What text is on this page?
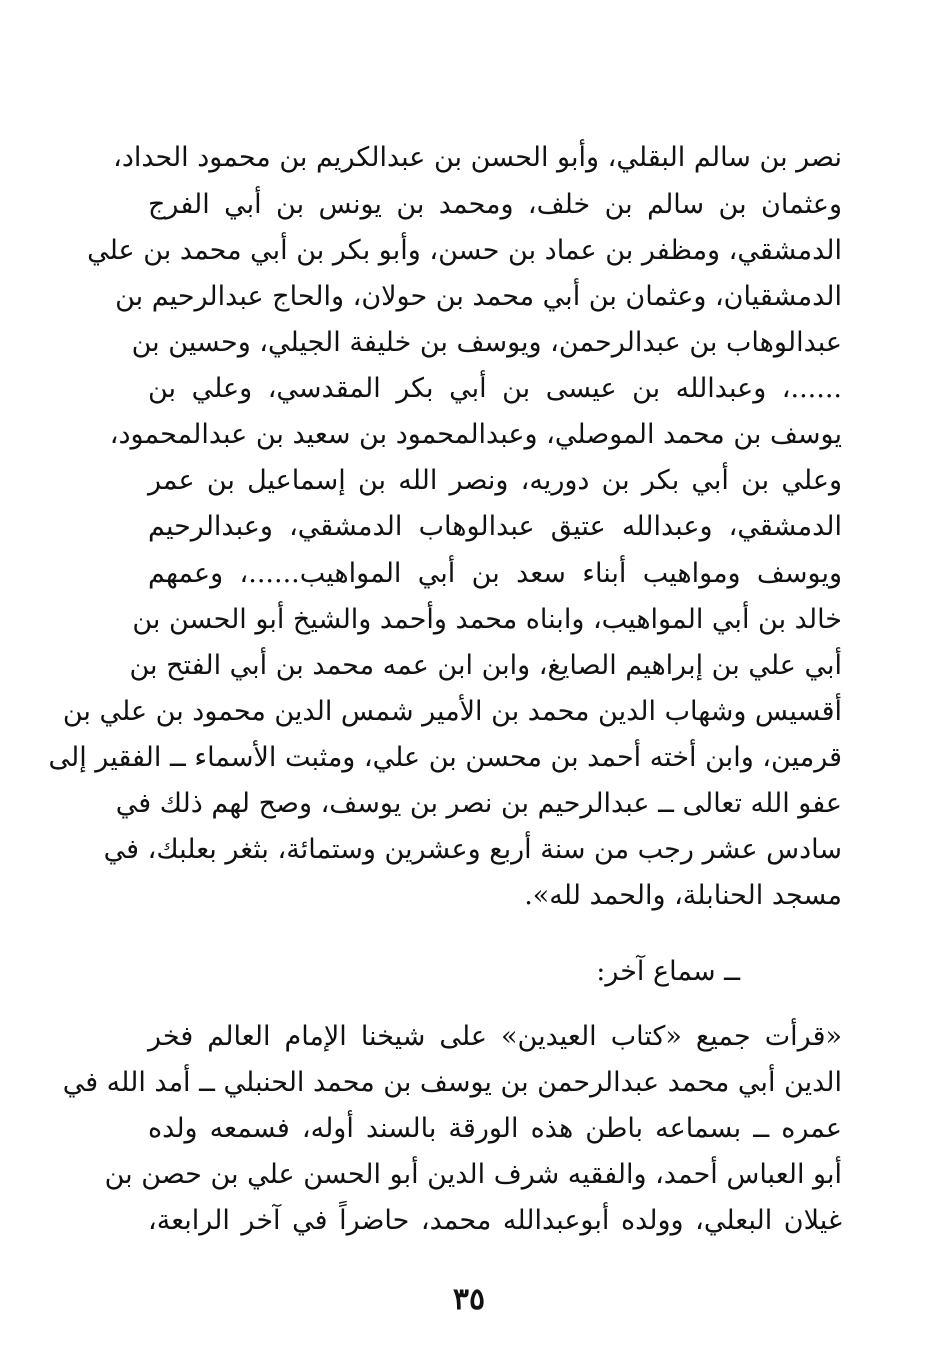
نصر بن سالم البقلي، وأبو الحسن بن عبدالكريم بن محمود الحداد،
وعثمان بن سالم بن خلف، ومحمد بن يونس بن أبي الفرج
الدمشقي، ومظفر بن عماد بن حسن، وأبو بكر بن أبي محمد بن علي
الدمشقيان، وعثمان بن أبي محمد بن حولان، والحاج عبدالرحيم بن
عبدالوهاب بن عبدالرحمن، ويوسف بن خليفة الجيلي، وحسين بن
......، وعبدالله بن عيسى بن أبي بكر المقدسي، وعلي بن
يوسف بن محمد الموصلي، وعبدالمحمود بن سعيد بن عبدالمحمود،
وعلي بن أبي بكر بن دوريه، ونصر الله بن إسماعيل بن عمر
الدمشقي، وعبدالله عتيق عبدالوهاب الدمشقي، وعبدالرحيم
ويوسف ومواهيب أبناء سعد بن أبي المواهيب......، وعمهم
خالد بن أبي المواهيب، وابناه محمد وأحمد والشيخ أبو الحسن بن
أبي علي بن إبراهيم الصايغ، وابن ابن عمه محمد بن أبي الفتح بن
أقسيس وشهاب الدين محمد بن الأمير شمس الدين محمود بن علي بن
قرمين، وابن أخته أحمد بن محسن بن علي، ومثبت الأسماء ــ الفقير إلى
عفو الله تعالى ــ عبدالرحيم بن نصر بن يوسف، وصح لهم ذلك في
سادس عشر رجب من سنة أربع وعشرين وستمائة، بثغر بعلبك، في
مسجد الحنابلة، والحمد لله».
ــ سماع آخر:
«قرأت جميع «كتاب العيدين» على شيخنا الإمام العالم فخر
الدين أبي محمد عبدالرحمن بن يوسف بن محمد الحنبلي ــ أمد الله في
عمره ــ بسماعه باطن هذه الورقة بالسند أوله، فسمعه ولده
أبو العباس أحمد، والفقيه شرف الدين أبو الحسن علي بن حصن بن
غيلان البعلي، وولده أبوعبدالله محمد، حاضراً في آخر الرابعة،
٣٥
